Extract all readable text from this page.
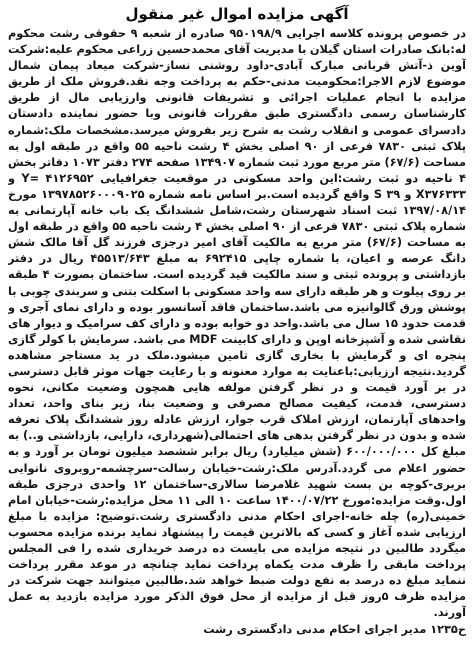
آگهی مزایده اموال غیر منقول

در خصوص پرونده کلاسه اجرایی ۹۵۰۱۹۸/۹ صادره از شعبه ۹ حقوقی رشت محکوم له:بانک صادرات استان گیلان با مدیریت آقای محمدحسین زراعی محکوم علیه:شرکت آوین ذ-آتش قربانی مبارک آبادی-داود روشنی نساز-شرکت میعاد پیمان شمال موضوع لازم الاجرا:محکومیت مدنی-حکم به پرداخت وجه نقد.فروش ملک از طریق مزایده با انجام عملیات اجرائی و تشریفات قانونی وارزیابی مال از طریق کارشناسان رسمی دادگستری طبق مقررات قانونی وبا حضور نماینده دادستان دادسرای عمومی و انقلاب رشت به شرح زیر بفروش میرسد.مشخصات ملک:شماره پلاک ثبتی ۷۸۳۰ فرعی از ۹۰ اصلی بخش ۴ رشت ناحیه ۵۵ واقع در طبقه اول به مساحت (۶۷/۶) متر مربع مورد ثبت شماره ۱۳۴۹۰۷ صفحه ۲۷۴ دفتر ۱۰۷۳ دفاتر بخش ۴ ناحیه دو ثبت رشت:این واحد مسکونی در موقعیت جغرافیایی Y= ۴۱۲۶۹۵۲ و X۳۷۶۳۳۳ و S ۳۹ واقع گردیده است.بر اساس نامه شماره ۱۳۹۷۸۵۲۶۰۰۰۹۰۲۵ مورخ ۱۳۹۷/۰۸/۱۴ ثبت اسناد شهرستان رشت،شامل ششدانگ یک باب خانه آپارتمانی به شماره پلاک ثبتی ۷۸۳۰ فرعی از ۹۰ اصلی بخش ۴ رشت ناحیه ۵۵ واقع در طبقه اول به مساحت (۶۷/۶) متر مربع به مالکیت آقای امیر درجزی فرزند گل آقا مالک شش دانگ عرصه و اعیان، با شماره چاپی ۶۹۲۴۱۵ به مبلغ ۴۵۵۱۳/۶۴۳ ریال در دفتر بازداشتی و پرونده ثبتی و سند مالکیت قید گردیده است. ساختمان بصورت ۴ طبقه بر روی پیلوت و هر طبقه دارای سه واحد مسکونی با اسکلت بتنی و سربندی چوبی با پوشش ورق گالوانیزه می باشد.ساختمان فاقد آسانسور بوده و دارای نمای آجری و قدمت حدود ۱۵ سال می باشد.واحد دو خوابه بوده و دارای کف سرامیک و دیوار های نقاشی شده و آشپزخانه اوپن و دارای کابینت MDF می باشد. سرمایش با کولر گازی پنجره ای و گرمایش با بخاری گازی تامین میشود.ملک در ید مستاجر مشاهده گردید.نتیجه ارزیابی:باعنایت به موارد معنونه و با رعایت جهات موثر قابل دسترسی در بر آورد قیمت و در نظر گرفتن مولفه هایی همچون وضعیت مکانی، نحوه دسترسی، قدمت، کیفیت مصالح مصرفی و وضعیت بنا، زیر بنای واحد، تعداد واحدهای آپارتمان، ارزش املاک قرب جوار، ارزش عادله روز ششدانگ پلاک تعرفه شده و بدون در نظر گرفتن بدهی های احتمالی(شهرداری، دارایی، بازداشتی و..) به مبلغ کل ۶۰۰/۰۰۰/۰۰۰ (شش میلیارد) ریال برابر ششصد میلیون تومان بر آورد و به حضور اعلام می گردد.آدرس ملک:رشت-خیابان رسالت-سرچشمه-روبروی نانوایی بربری-کوچه بن بست شهید غلامرضا سالاری-ساختمان ۱۲ واحدی درجزی طبقه اول.وقت مزایده:مورخ ۱۴۰۰/۰۷/۲۲ ساعت ۱۰ الی ۱۱ محل مزایده:رشت-خیابان امام خمینی(ره) چله خانه-اجرای احکام مدنی دادگستری رشت.توضیح: مزایده با مبلغ ارزیابی شده آغاز و کسی که بالاترین قیمت را پیشنهاد نماید برنده مزایده محسوب میگردد طالبین در نتیجه مزایده می بایست ده درصد خریداری شده را فی المجلس پرداخت مابقی را ظرف مدت یکماه پرداخت نماید چنانچه در موعد مقرر پرداخت ننماید مبلغ ده درصد به نفع دولت ضبط خواهد شد.طالبین میتوانند جهت شرکت در مزایده ظرف ۵روز قبل از مزایده از محل فوق الذکر مورد مزایده بازدید به عمل آورند.

ح۱۲۳۵ مدیر اجرای احکام مدنی دادگستری رشت
